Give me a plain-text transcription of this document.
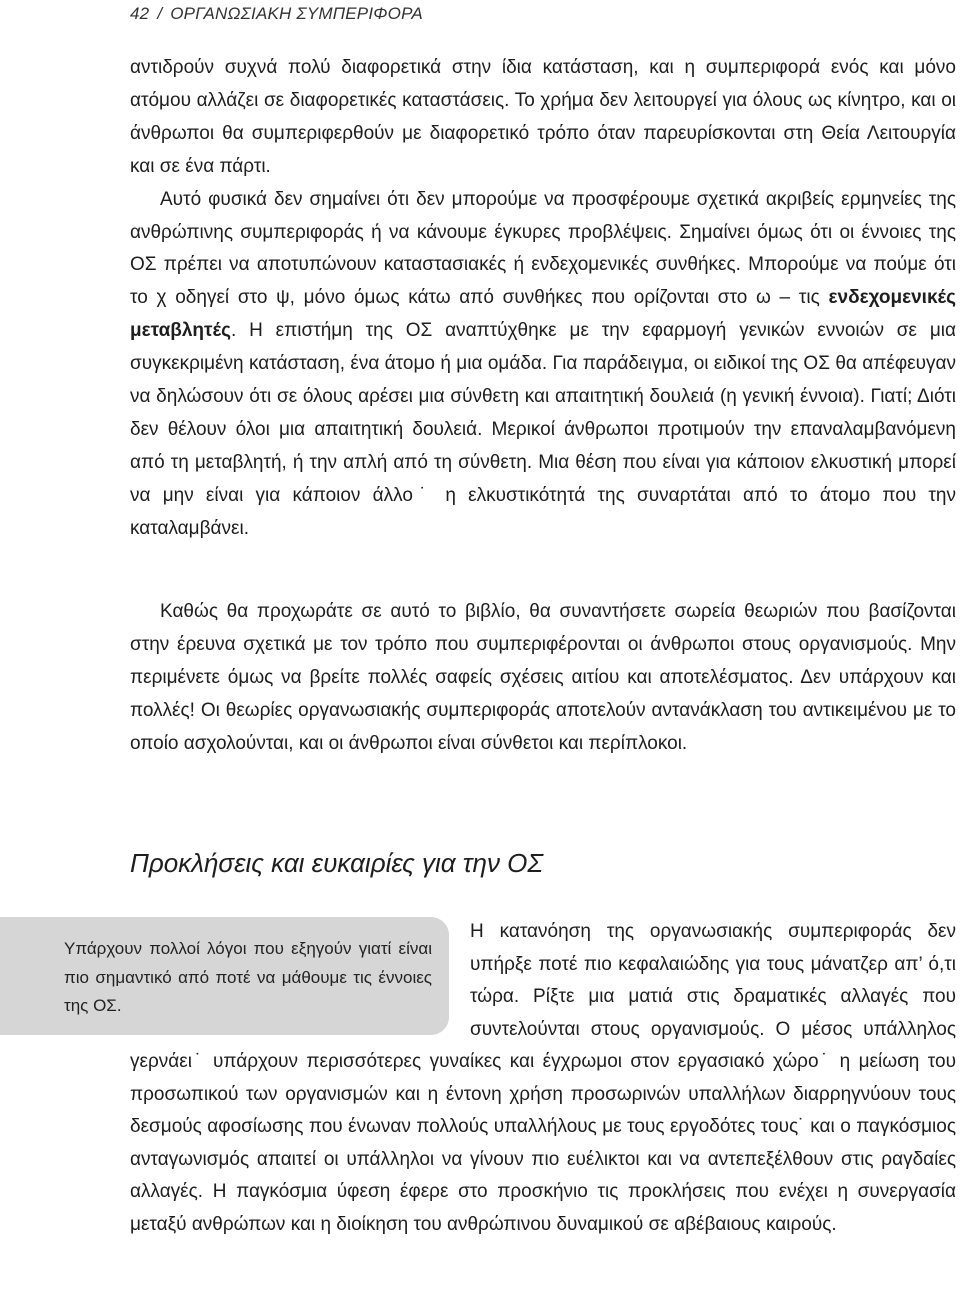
42 / ΟΡΓΑΝΩΣΙΑΚΗ ΣΥΜΠΕΡΙΦΟΡΑ

αντιδρούν συχνά πολύ διαφορετικά στην ίδια κατάσταση, και η συμπεριφορά ενός και μόνο ατόμου αλλάζει σε διαφορετικές καταστάσεις. Το χρήμα δεν λειτουργεί για όλους ως κίνητρο, και οι άνθρωποι θα συμπεριφερθούν με διαφορετικό τρόπο όταν παρευρίσκονται στη Θεία Λειτουργία και σε ένα πάρτι.

Αυτό φυσικά δεν σημαίνει ότι δεν μπορούμε να προσφέρουμε σχετικά ακριβείς ερμηνείες της ανθρώπινης συμπεριφοράς ή να κάνουμε έγκυρες προβλέψεις. Σημαίνει όμως ότι οι έννοιες της ΟΣ πρέπει να αποτυπώνουν καταστασιακές ή ενδεχομενικές συνθήκες. Μπορούμε να πούμε ότι το χ οδηγεί στο ψ, μόνο όμως κάτω από συνθήκες που ορίζονται στο ω – τις ενδεχομενικές μεταβλητές. Η επιστήμη της ΟΣ αναπτύχθηκε με την εφαρμογή γενικών εννοιών σε μια συγκεκριμένη κατάσταση, ένα άτομο ή μια ομάδα. Για παράδειγμα, οι ειδικοί της ΟΣ θα απέφευγαν να δηλώσουν ότι σε όλους αρέσει μια σύνθετη και απαιτητική δουλειά (η γενική έννοια). Γιατί; Διότι δεν θέλουν όλοι μια απαιτητική δουλειά. Μερικοί άνθρωποι προτιμούν την επαναλαμβανόμενη από τη μεταβλητή, ή την απλή από τη σύνθετη. Μια θέση που είναι για κάποιον ελκυστική μπορεί να μην είναι για κάποιον άλλο˙ η ελκυστικότητά της συναρτάται από το άτομο που την καταλαμβάνει.

Καθώς θα προχωράτε σε αυτό το βιβλίο, θα συναντήσετε σωρεία θεωριών που βασίζονται στην έρευνα σχετικά με τον τρόπο που συμπεριφέρονται οι άνθρωποι στους οργανισμούς. Μην περιμένετε όμως να βρείτε πολλές σαφείς σχέσεις αιτίου και αποτελέσματος. Δεν υπάρχουν και πολλές! Οι θεωρίες οργανωσιακής συμπεριφοράς αποτελούν αντανάκλαση του αντικειμένου με το οποίο ασχολούνται, και οι άνθρωποι είναι σύνθετοι και περίπλοκοι.

Προκλήσεις και ευκαιρίες για την ΟΣ

Υπάρχουν πολλοί λόγοι που εξηγούν γιατί είναι πιο σημαντικό από ποτέ να μάθουμε τις έννοιες της ΟΣ.

Η κατανόηση της οργανωσιακής συμπεριφοράς δεν υπήρξε ποτέ πιο κεφαλαιώδης για τους μάνατζερ απ’ ό,τι τώρα. Ρίξτε μια ματιά στις δραματικές αλλαγές που συντελούνται στους οργανισμούς. Ο μέσος υπάλληλος γερνάει˙ υπάρχουν περισσότερες γυναίκες και έγχρωμοι στον εργασιακό χώρο˙ η μείωση του προσωπικού των οργανισμών και η έντονη χρήση προσωρινών υπαλλήλων διαρρηγνύουν τους δεσμούς αφοσίωσης που ένωναν πολλούς υπαλλήλους με τους εργοδότες τους˙ και ο παγκόσμιος ανταγωνισμός απαιτεί οι υπάλληλοι να γίνουν πιο ευέλικτοι και να αντεπεξέλθουν στις ραγδαίες αλλαγές. Η παγκόσμια ύφεση έφερε στο προσκήνιο τις προκλήσεις που ενέχει η συνεργασία μεταξύ ανθρώπων και η διοίκηση του ανθρώπινου δυναμικού σε αβέβαιους καιρούς.
